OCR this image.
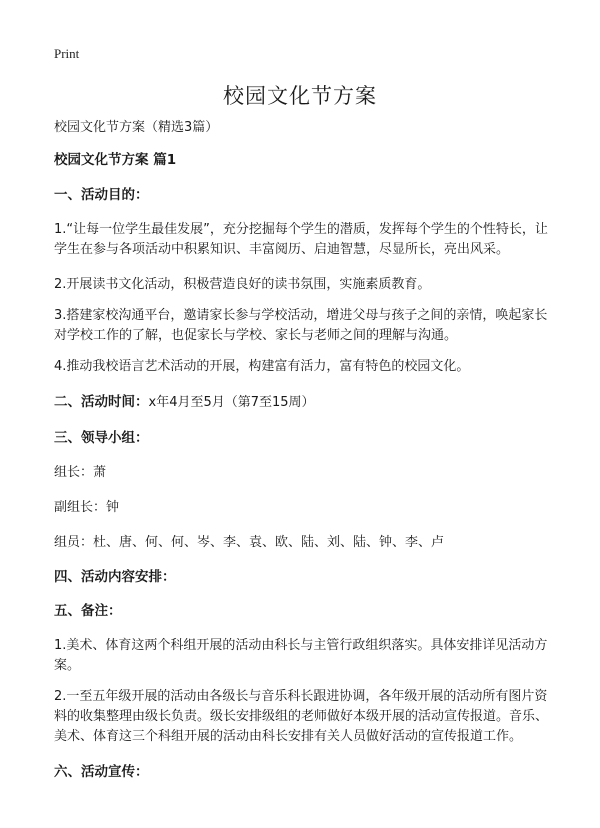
Print
校园文化节方案

校园文化节方案（精选3篇）

校园文化节方案 篇1

一、活动目的：

1.“让每一位学生最佳发展”，充分挖掘每个学生的潜质，发挥每个学生的个性特长，让学生在参与各项活动中积累知识、丰富阅历、启迪智慧，尽显所长，亮出风采。

2.开展读书文化活动，积极营造良好的读书氛围，实施素质教育。

3.搭建家校沟通平台，邀请家长参与学校活动，增进父母与孩子之间的亲情，唤起家长对学校工作的了解，也促家长与学校、家长与老师之间的理解与沟通。

4.推动我校语言艺术活动的开展，构建富有活力，富有特色的校园文化。

二、活动时间：x年4月至5月（第7至15周）

三、领导小组：

组长：萧

副组长：钟

组员：杜、唐、何、何、岑、李、袁、欧、陆、刘、陆、钟、李、卢

四、活动内容安排：

五、备注：

1.美术、体育这两个科组开展的活动由科长与主管行政组织落实。具体安排详见活动方案。

2.一至五年级开展的活动由各级长与音乐科长跟进协调，各年级开展的活动所有图片资料的收集整理由级长负责。级长安排级组的老师做好本级开展的活动宣传报道。音乐、美术、体育这三个科组开展的活动由科长安排有关人员做好活动的宣传报道工作。

六、活动宣传：
